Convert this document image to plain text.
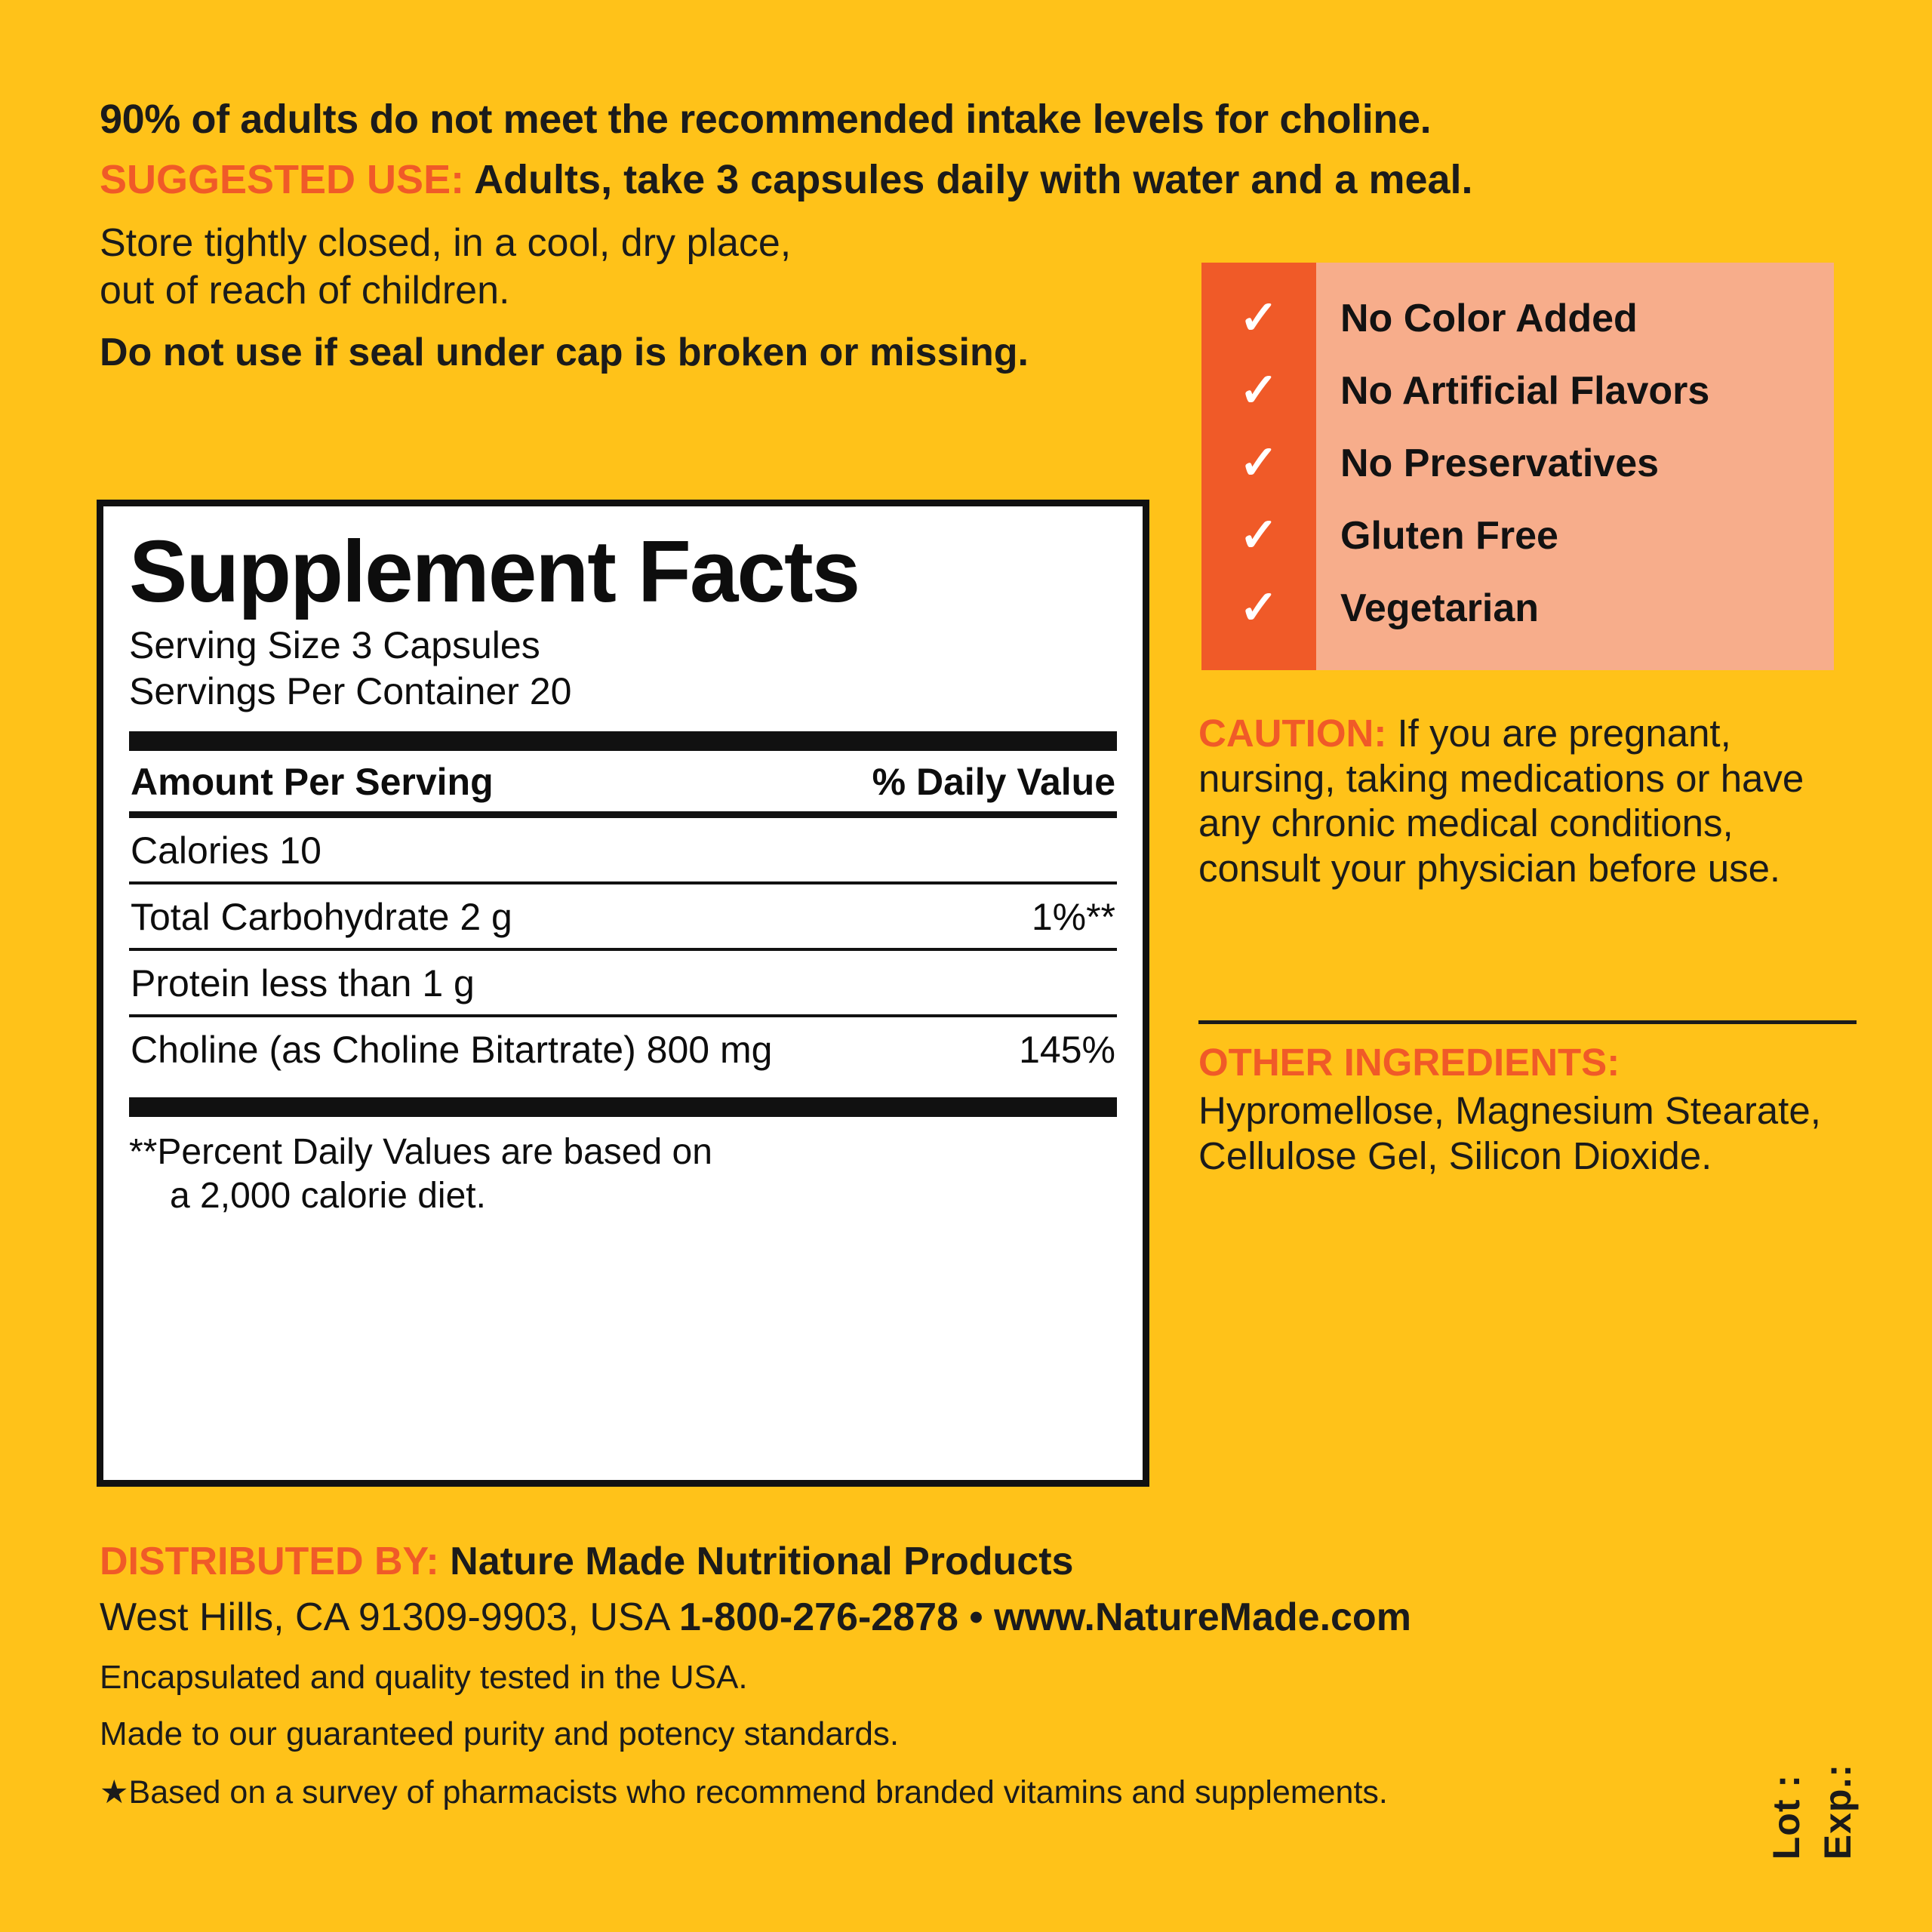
90% of adults do not meet the recommended intake levels for choline.
SUGGESTED USE: Adults, take 3 capsules daily with water and a meal.
Store tightly closed, in a cool, dry place,
out of reach of children.
Do not use if seal under cap is broken or missing.
Supplement Facts
Serving Size 3 Capsules
Servings Per Container 20
Amount Per Serving	% Daily Value
Calories 10
Total Carbohydrate 2 g	1%**
Protein less than 1 g
Choline (as Choline Bitartrate) 800 mg	145%
**Percent Daily Values are based on
a 2,000 calorie diet.
✓
✓
✓
✓
✓
No Color Added
No Artificial Flavors
No Preservatives
Gluten Free
Vegetarian
CAUTION: If you are pregnant, nursing, taking medications or have any chronic medical conditions, consult your physician before use.
OTHER INGREDIENTS:
Hypromellose, Magnesium Stearate, Cellulose Gel, Silicon Dioxide.
DISTRIBUTED BY: Nature Made Nutritional Products
West Hills, CA 91309-9903, USA 1-800-276-2878 • www.NatureMade.com
Encapsulated and quality tested in the USA.
Made to our guaranteed purity and potency standards.
★Based on a survey of pharmacists who recommend branded vitamins and supplements.	Lot : Exp.:
